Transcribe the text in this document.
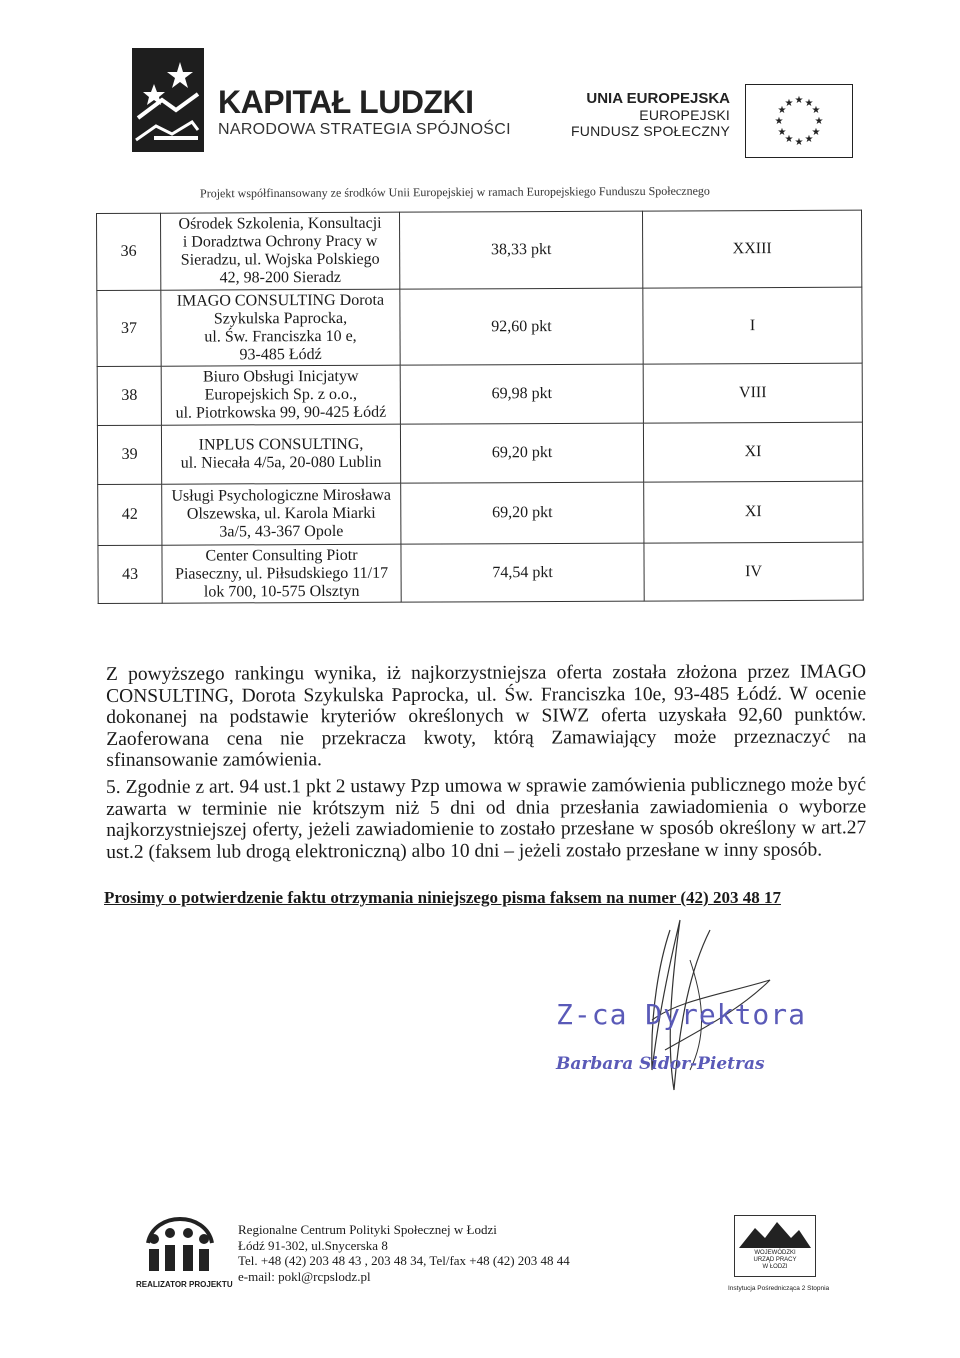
KAPITAŁ LUDZKI
NARODOWA STRATEGIA SPÓJNOŚCI
UNIA EUROPEJSKA
EUROPEJSKI
FUNDUSZ SPOŁECZNY
★ ★
★
★
★
★
★
★
★
★
★
★
Projekt współfinansowany ze środków Unii Europejskiej w ramach Europejskiego Funduszu Społecznego
36	Ośrodek Szkolenia, Konsultacji
i Doradztwa Ochrony Pracy w
Sieradzu, ul. Wojska Polskiego
42, 98-200 Sieradz	38,33 pkt	XXIII
37	IMAGO CONSULTING Dorota
Szykulska Paprocka,
ul. Św. Franciszka 10 e,
93-485 Łódź	92,60 pkt	I
38	Biuro Obsługi Inicjatyw
Europejskich Sp. z o.o.,
ul. Piotrkowska 99, 90-425 Łódź	69,98 pkt	VIII
39	INPLUS CONSULTING,
ul. Niecała 4/5a, 20-080 Lublin	69,20 pkt	XI
42	Usługi Psychologiczne Mirosława
Olszewska, ul. Karola Miarki
3a/5, 43-367 Opole	69,20 pkt	XI
43	Center Consulting Piotr
Piaseczny, ul. Piłsudskiego 11/17
lok 700, 10-575 Olsztyn	74,54 pkt	IV
Z powyższego rankingu wynika, iż najkorzystniejsza oferta została złożona przez IMAGO CONSULTING, Dorota Szykulska Paprocka, ul. Św. Franciszka 10e, 93-485 Łódź. W ocenie dokonanej na podstawie kryteriów określonych w SIWZ oferta uzyskała 92,60 punktów. Zaoferowana cena nie przekracza kwoty, którą Zamawiający może przeznaczyć na sfinansowanie zamówienia.
5. Zgodnie z art. 94 ust.1 pkt 2 ustawy Pzp umowa w sprawie zamówienia publicznego może być zawarta w terminie nie krótszym niż 5 dni od dnia przesłania zawiadomienia o wyborze najkorzystniejszej oferty, jeżeli zawiadomienie to zostało przesłane w sposób określony w art.27 ust.2 (faksem lub drogą elektroniczną) albo 10 dni – jeżeli zostało przesłane w inny sposób.
Prosimy o potwierdzenie faktu otrzymania niniejszego pisma faksem na numer (42) 203 48 17
Z-ca Dyrektora
Barbara Sidor-Pietras
REALIZATOR PROJEKTU
Regionalne Centrum Polityki Społecznej w Łodzi
Łódź 91-302, ul.Snycerska 8
Tel. +48 (42) 203 48 43 , 203 48 34, Tel/fax +48 (42) 203 48 44
e-mail: pokl@rcpslodz.pl
WOJEWÓDZKI
URZĄD PRACY
W ŁODZI
Instytucja Pośrednicząca 2 Stopnia
